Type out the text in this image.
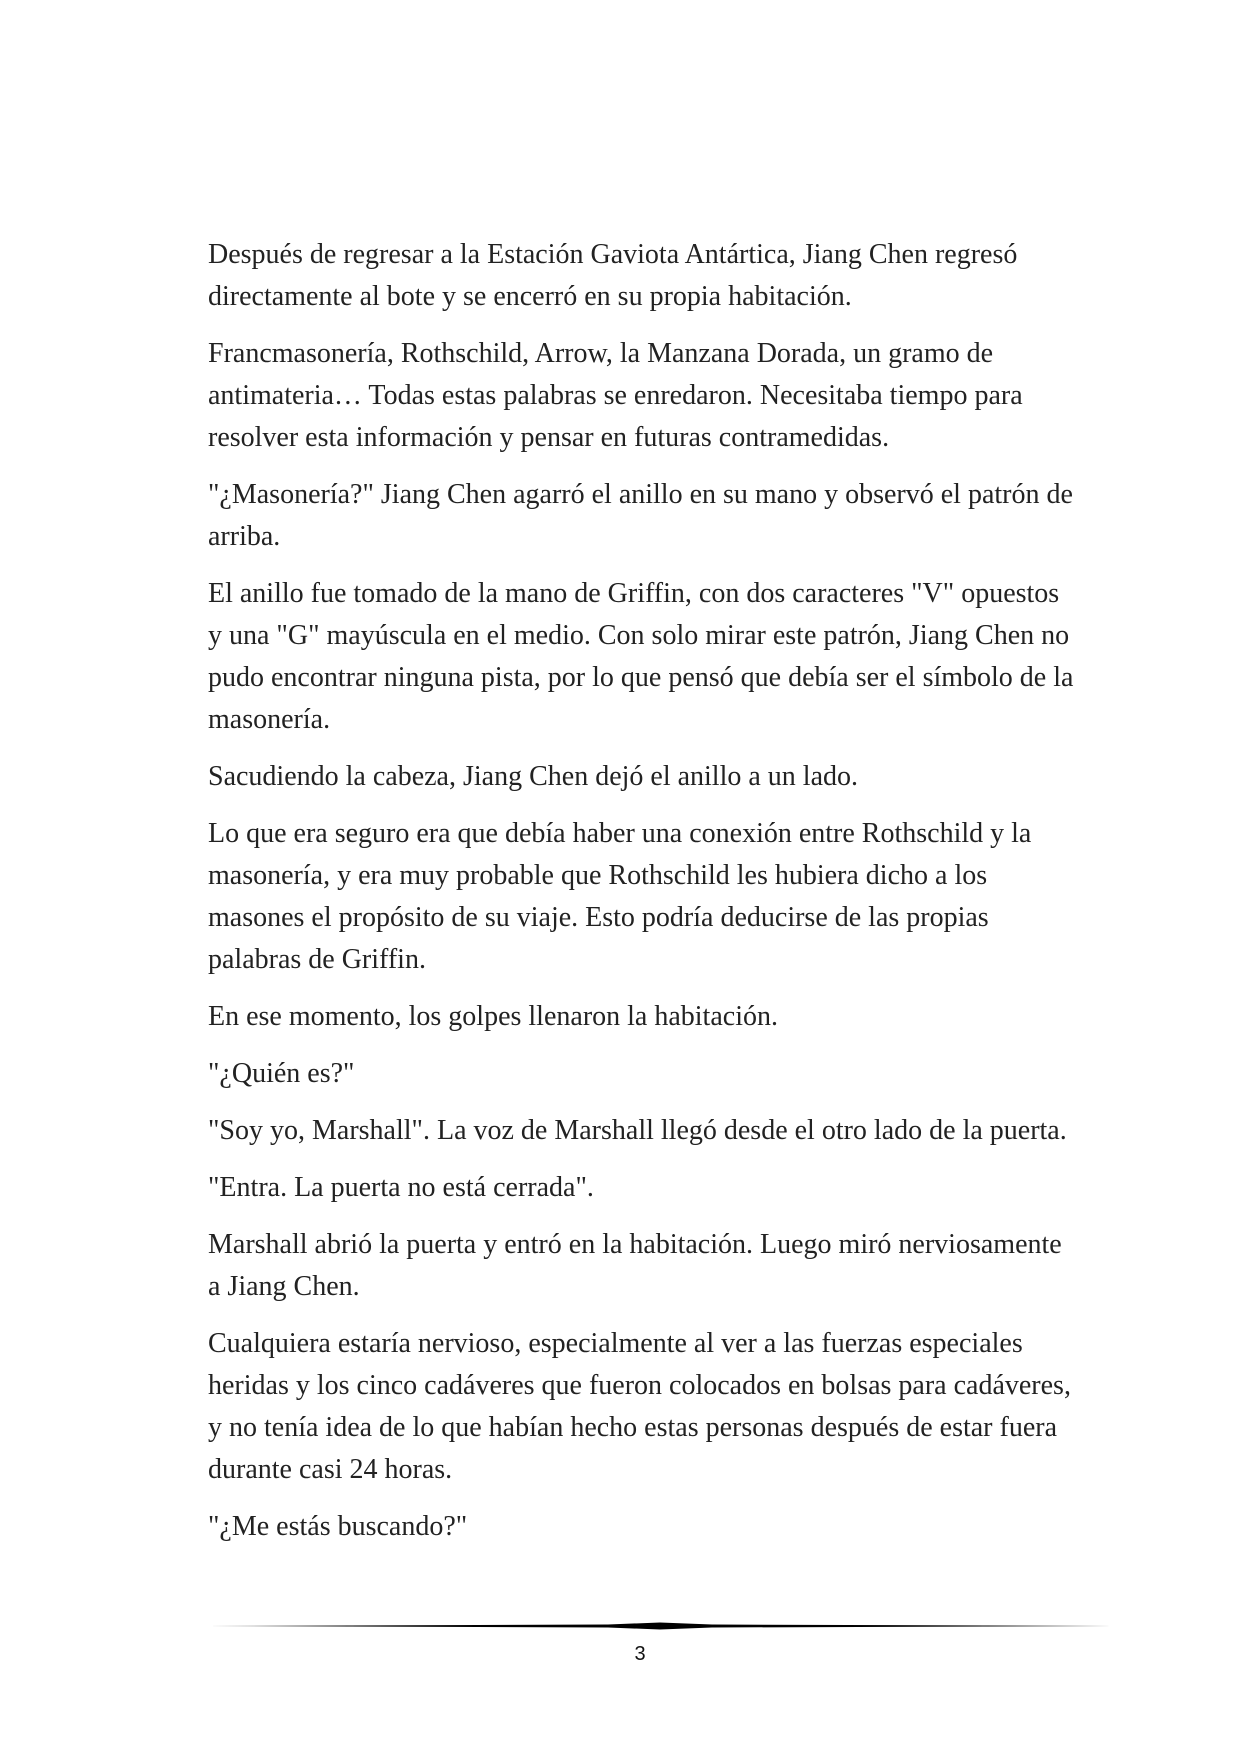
Después de regresar a la Estación Gaviota Antártica, Jiang Chen regresó directamente al bote y se encerró en su propia habitación.

Francmasonería, Rothschild, Arrow, la Manzana Dorada, un gramo de antimateria… Todas estas palabras se enredaron. Necesitaba tiempo para resolver esta información y pensar en futuras contramedidas.

"¿Masonería?" Jiang Chen agarró el anillo en su mano y observó el patrón de arriba.

El anillo fue tomado de la mano de Griffin, con dos caracteres "V" opuestos y una "G" mayúscula en el medio. Con solo mirar este patrón, Jiang Chen no pudo encontrar ninguna pista, por lo que pensó que debía ser el símbolo de la masonería.

Sacudiendo la cabeza, Jiang Chen dejó el anillo a un lado.

Lo que era seguro era que debía haber una conexión entre Rothschild y la masonería, y era muy probable que Rothschild les hubiera dicho a los masones el propósito de su viaje. Esto podría deducirse de las propias palabras de Griffin.

En ese momento, los golpes llenaron la habitación.

"¿Quién es?"

"Soy yo, Marshall". La voz de Marshall llegó desde el otro lado de la puerta.

"Entra. La puerta no está cerrada".

Marshall abrió la puerta y entró en la habitación. Luego miró nerviosamente a Jiang Chen.

Cualquiera estaría nervioso, especialmente al ver a las fuerzas especiales heridas y los cinco cadáveres que fueron colocados en bolsas para cadáveres, y no tenía idea de lo que habían hecho estas personas después de estar fuera durante casi 24 horas.

"¿Me estás buscando?"

3
